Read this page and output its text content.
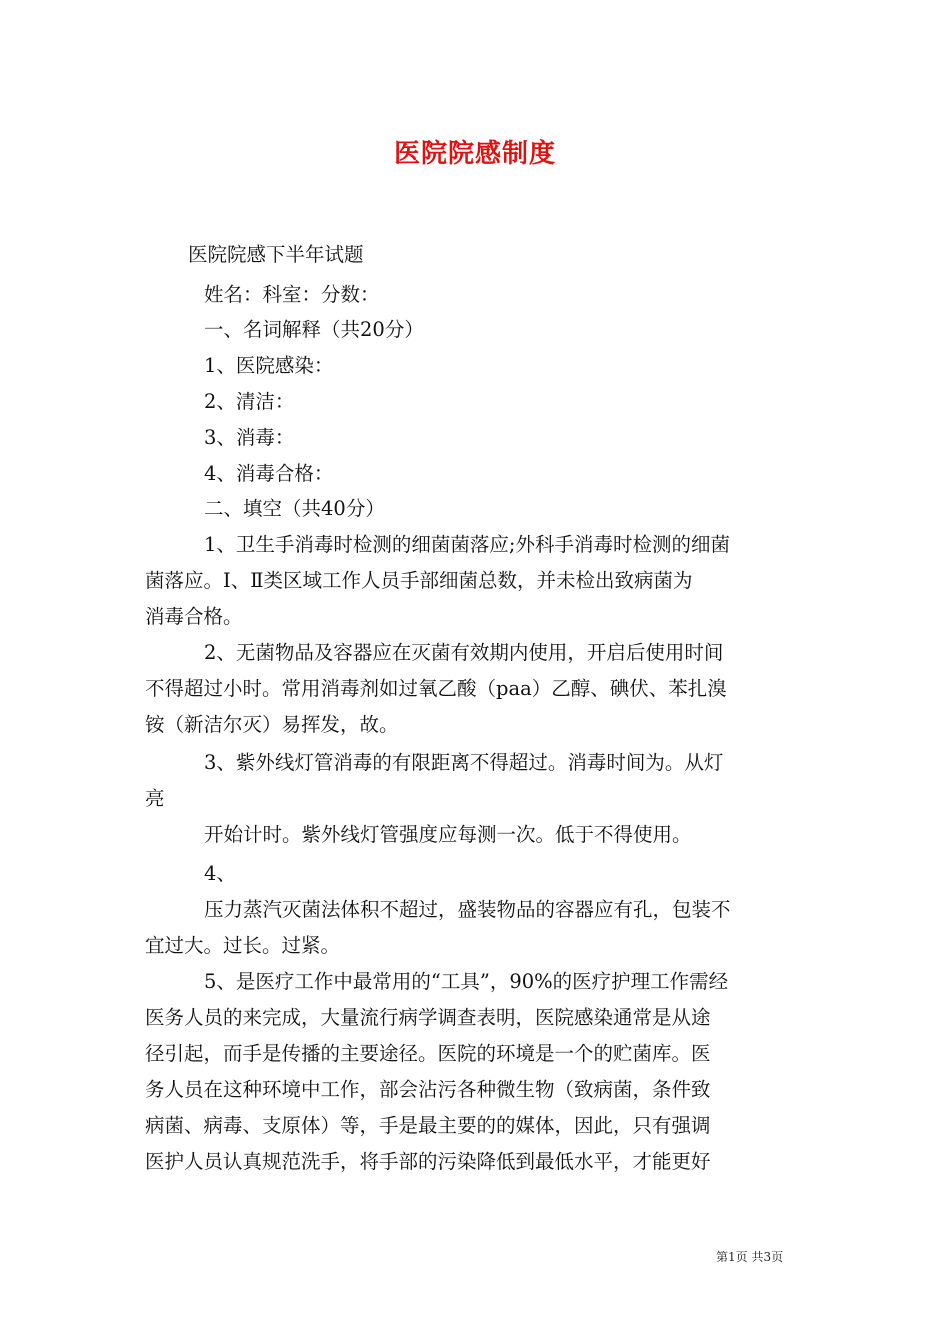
医院院感制度
医院院感下半年试题
姓名：科室：分数：
一、名词解释（共20分）
1、医院感染：
2、清洁：
3、消毒：
4、消毒合格：
二、填空（共40分）
1、卫生手消毒时检测的细菌菌落应;外科手消毒时检测的细菌
菌落应。Ⅰ、Ⅱ类区域工作人员手部细菌总数，并未检出致病菌为
消毒合格。
2、无菌物品及容器应在灭菌有效期内使用，开启后使用时间
不得超过小时。常用消毒剂如过氧乙酸（paa）乙醇、碘伏、苯扎溴
铵（新洁尔灭）易挥发，故。
3、紫外线灯管消毒的有限距离不得超过。消毒时间为。从灯
亮
开始计时。紫外线灯管强度应每测一次。低于不得使用。
4、
压力蒸汽灭菌法体积不超过，盛装物品的容器应有孔，包装不
宜过大。过长。过紧。
5、是医疗工作中最常用的“工具”，90%的医疗护理工作需经
医务人员的来完成，大量流行病学调查表明，医院感染通常是从途
径引起，而手是传播的主要途径。医院的环境是一个的贮菌库。医
务人员在这种环境中工作，部会沾污各种微生物（致病菌，条件致
病菌、病毒、支原体）等，手是最主要的的媒体，因此，只有强调
医护人员认真规范洗手，将手部的污染降低到最低水平，才能更好
第1页 共3页
